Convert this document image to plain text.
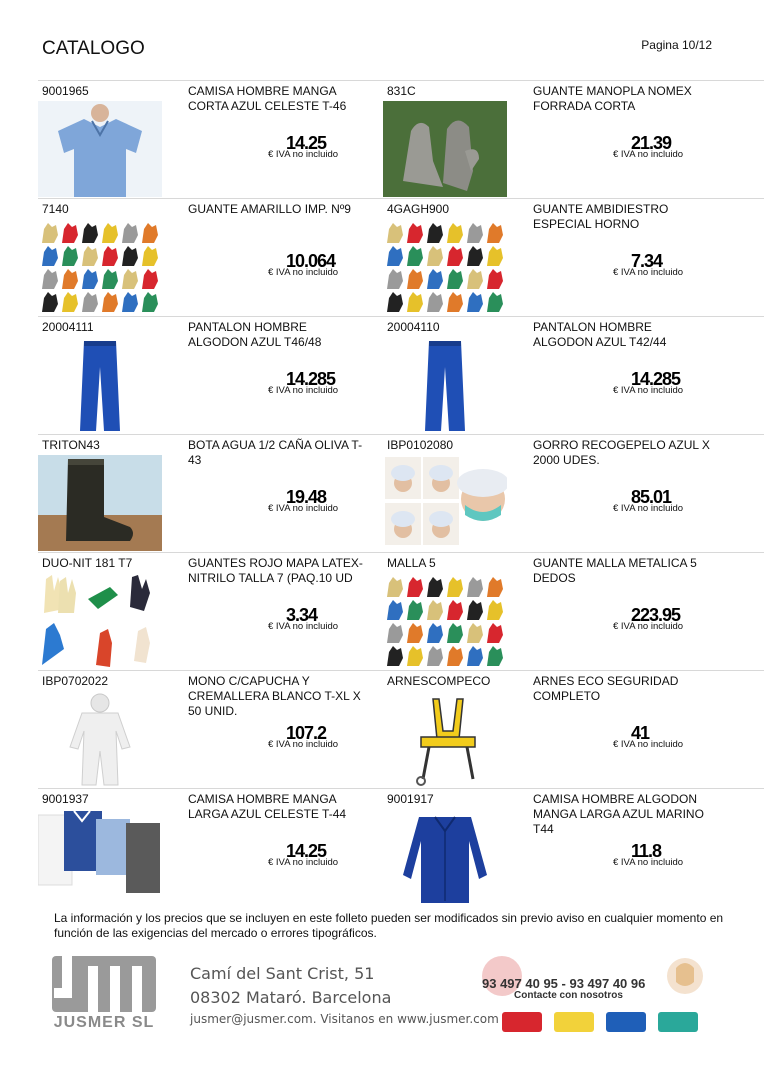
CATALOGO	Pagina 10/12
9001965	CAMISA HOMBRE MANGA CORTA AZUL CELESTE T-46
14.25
€ IVA no incluido
831C	GUANTE MANOPLA NOMEX FORRADA CORTA
21.39
€ IVA no incluido
7140	GUANTE AMARILLO IMP. Nº9
10.064
€ IVA no incluido
4GAGH900	GUANTE AMBIDIESTRO ESPECIAL HORNO
7.34
€ IVA no incluido
20004111	PANTALON HOMBRE ALGODON AZUL T46/48
14.285
€ IVA no incluido
20004110	PANTALON HOMBRE ALGODON AZUL T42/44
14.285
€ IVA no incluido
TRITON43	BOTA AGUA 1/2 CAÑA OLIVA T-43
19.48
€ IVA no incluido
IBP0102080	GORRO RECOGEPELO AZUL X 2000 UDES.
85.01
€ IVA no incluido
DUO-NIT 181 T7	GUANTES ROJO MAPA LATEX-NITRILO TALLA 7 (PAQ.10 UD
3.34
€ IVA no incluido
MALLA 5	GUANTE MALLA METALICA 5 DEDOS
223.95
€ IVA no incluido
IBP0702022	MONO C/CAPUCHA Y CREMALLERA BLANCO T-XL X 50 UNID.
107.2
€ IVA no incluido
ARNESCOMPECO	ARNES ECO SEGURIDAD COMPLETO
41
€ IVA no incluido
9001937	CAMISA HOMBRE MANGA LARGA AZUL CELESTE T-44
14.25
€ IVA no incluido
9001917	CAMISA HOMBRE ALGODON MANGA LARGA AZUL MARINO T44
11.8
€ IVA no incluido
La información y los precios que se incluyen en este folleto pueden ser modificados sin previo aviso en cualquier momento en función de las exigencias del mercado o errores tipográficos.
JUSMER SL
Camí del Sant Crist, 51
08302 Mataró. Barcelona
jusmer@jusmer.com. Visitanos en www.jusmer.com
93 497 40 95 - 93 497 40 96
Contacte con nosotros
